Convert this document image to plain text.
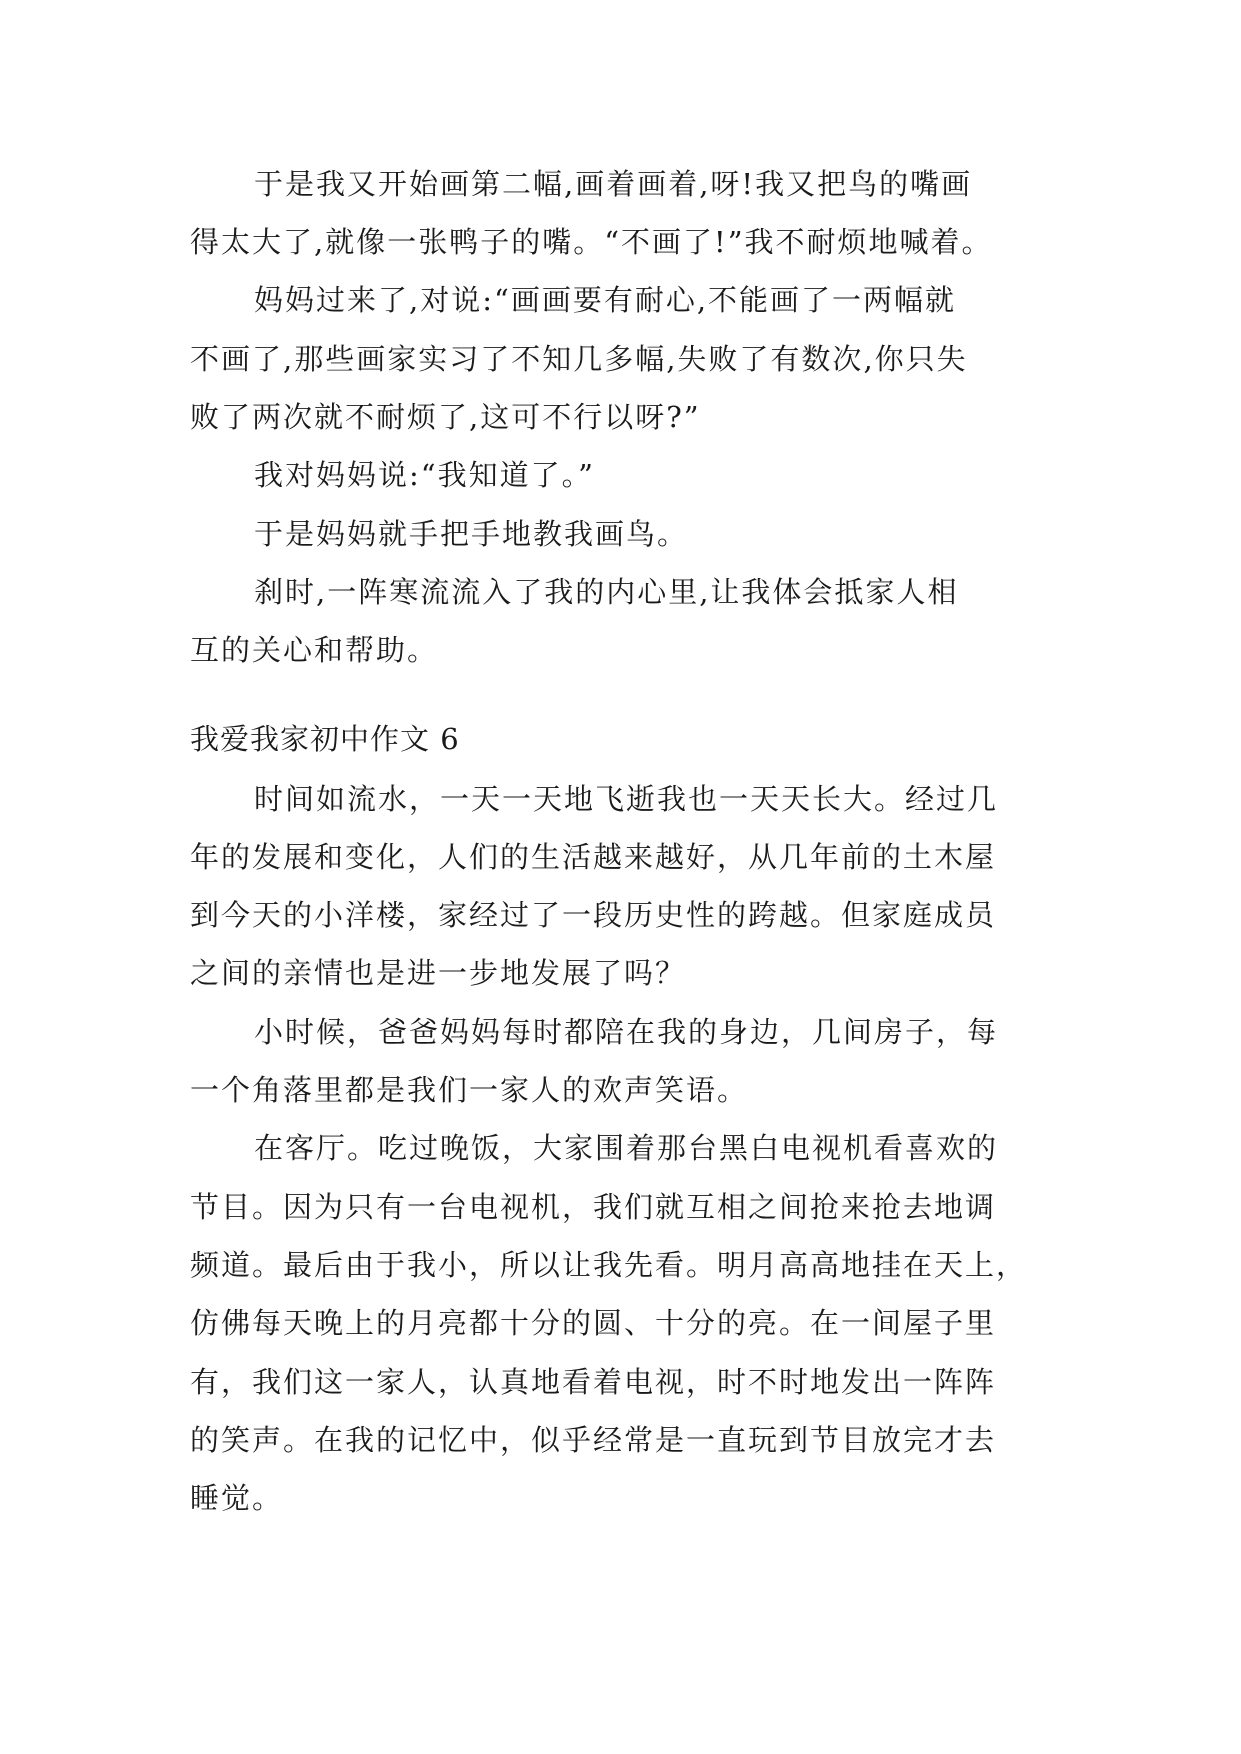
于是我又开始画第二幅,画着画着,呀!我又把鸟的嘴画
得太大了,就像一张鸭子的嘴。“不画了!”我不耐烦地喊着。
妈妈过来了,对说:“画画要有耐心,不能画了一两幅就
不画了,那些画家实习了不知几多幅,失败了有数次,你只失
败了两次就不耐烦了,这可不行以呀?”
我对妈妈说:“我知道了。”
于是妈妈就手把手地教我画鸟。
刹时,一阵寒流流入了我的内心里,让我体会抵家人相
互的关心和帮助。
我爱我家初中作文 6
时间如流水，一天一天地飞逝我也一天天长大。经过几
年的发展和变化，人们的生活越来越好，从几年前的土木屋
到今天的小洋楼，家经过了一段历史性的跨越。但家庭成员
之间的亲情也是进一步地发展了吗？
小时候，爸爸妈妈每时都陪在我的身边，几间房子，每
一个角落里都是我们一家人的欢声笑语。
在客厅。吃过晚饭，大家围着那台黑白电视机看喜欢的
节目。因为只有一台电视机，我们就互相之间抢来抢去地调
频道。最后由于我小，所以让我先看。明月高高地挂在天上，
仿佛每天晚上的月亮都十分的圆、十分的亮。在一间屋子里
有，我们这一家人，认真地看着电视，时不时地发出一阵阵
的笑声。在我的记忆中，似乎经常是一直玩到节目放完才去
睡觉。
